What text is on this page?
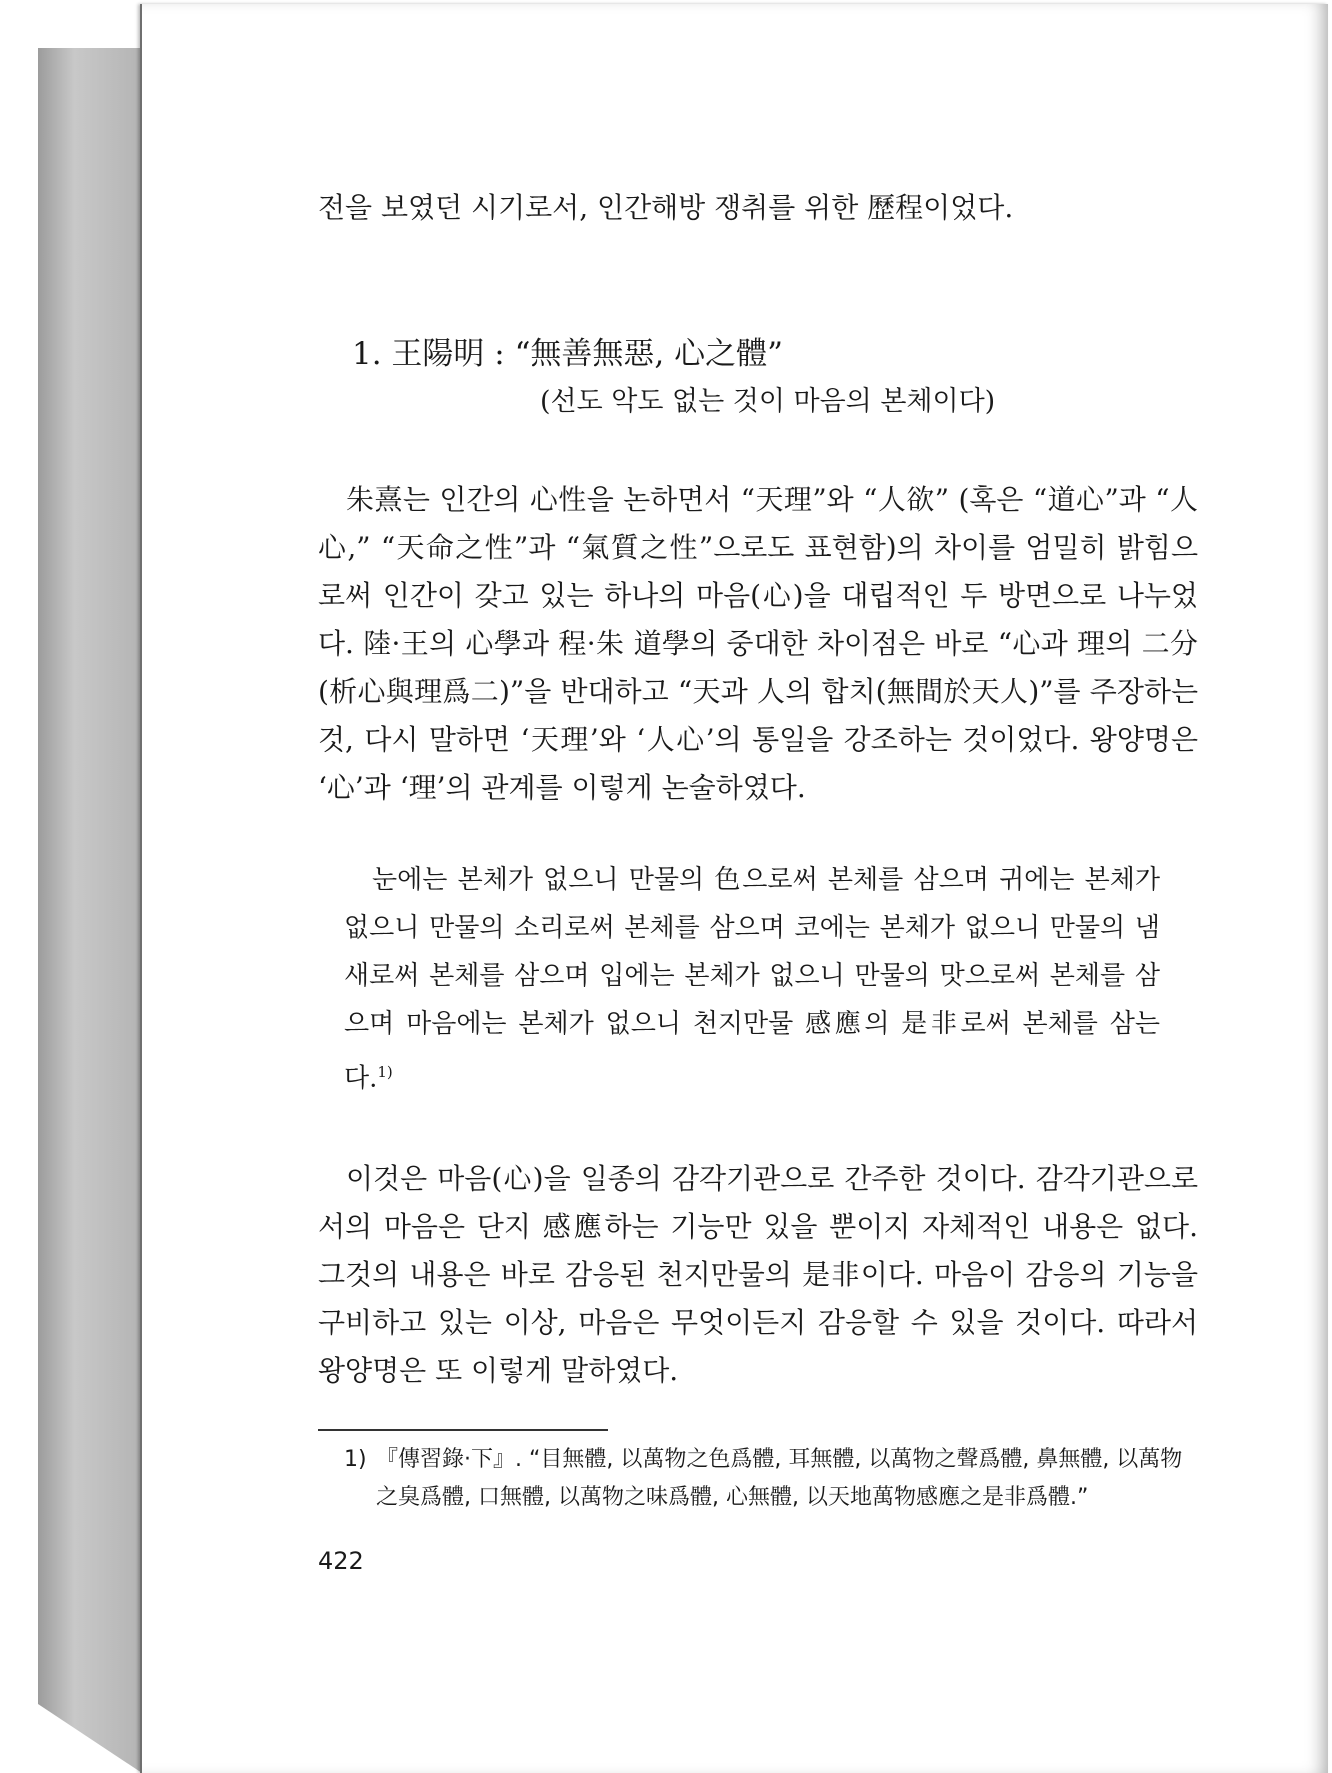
전을 보였던 시기로서, 인간해방 쟁취를 위한 歷程이었다.

1. 王陽明 : “無善無惡, 心之體”
(선도 악도 없는 것이 마음의 본체이다)

朱熹는 인간의 心性을 논하면서 “天理”와 “人欲” (혹은 “道心”과 “人心,” “天命之性”과 “氣質之性”으로도 표현함)의 차이를 엄밀히 밝힘으로써 인간이 갖고 있는 하나의 마음(心)을 대립적인 두 방면으로 나누었다. 陸·王의 心學과 程·朱 道學의 중대한 차이점은 바로 “心과 理의 二分(析心與理爲二)”을 반대하고 “天과 人의 합치(無間於天人)”를 주장하는 것, 다시 말하면 ‘天理’와 ‘人心’의 통일을 강조하는 것이었다. 왕양명은 ‘心’과 ‘理’의 관계를 이렇게 논술하였다.

눈에는 본체가 없으니 만물의 色으로써 본체를 삼으며 귀에는 본체가 없으니 만물의 소리로써 본체를 삼으며 코에는 본체가 없으니 만물의 냄새로써 본체를 삼으며 입에는 본체가 없으니 만물의 맛으로써 본체를 삼으며 마음에는 본체가 없으니 천지만물 感應의 是非로써 본체를 삼는다.$^{1)}$

이것은 마음(心)을 일종의 감각기관으로 간주한 것이다. 감각기관으로서의 마음은 단지 感應하는 기능만 있을 뿐이지 자체적인 내용은 없다. 그것의 내용은 바로 감응된 천지만물의 是非이다. 마음이 감응의 기능을 구비하고 있는 이상, 마음은 무엇이든지 감응할 수 있을 것이다. 따라서 왕양명은 또 이렇게 말하였다.

1) 『傳習錄·下』. “目無體, 以萬物之色爲體, 耳無體, 以萬物之聲爲體, 鼻無體, 以萬物之臭爲體, 口無體, 以萬物之味爲體, 心無體, 以天地萬物感應之是非爲體.”

422
